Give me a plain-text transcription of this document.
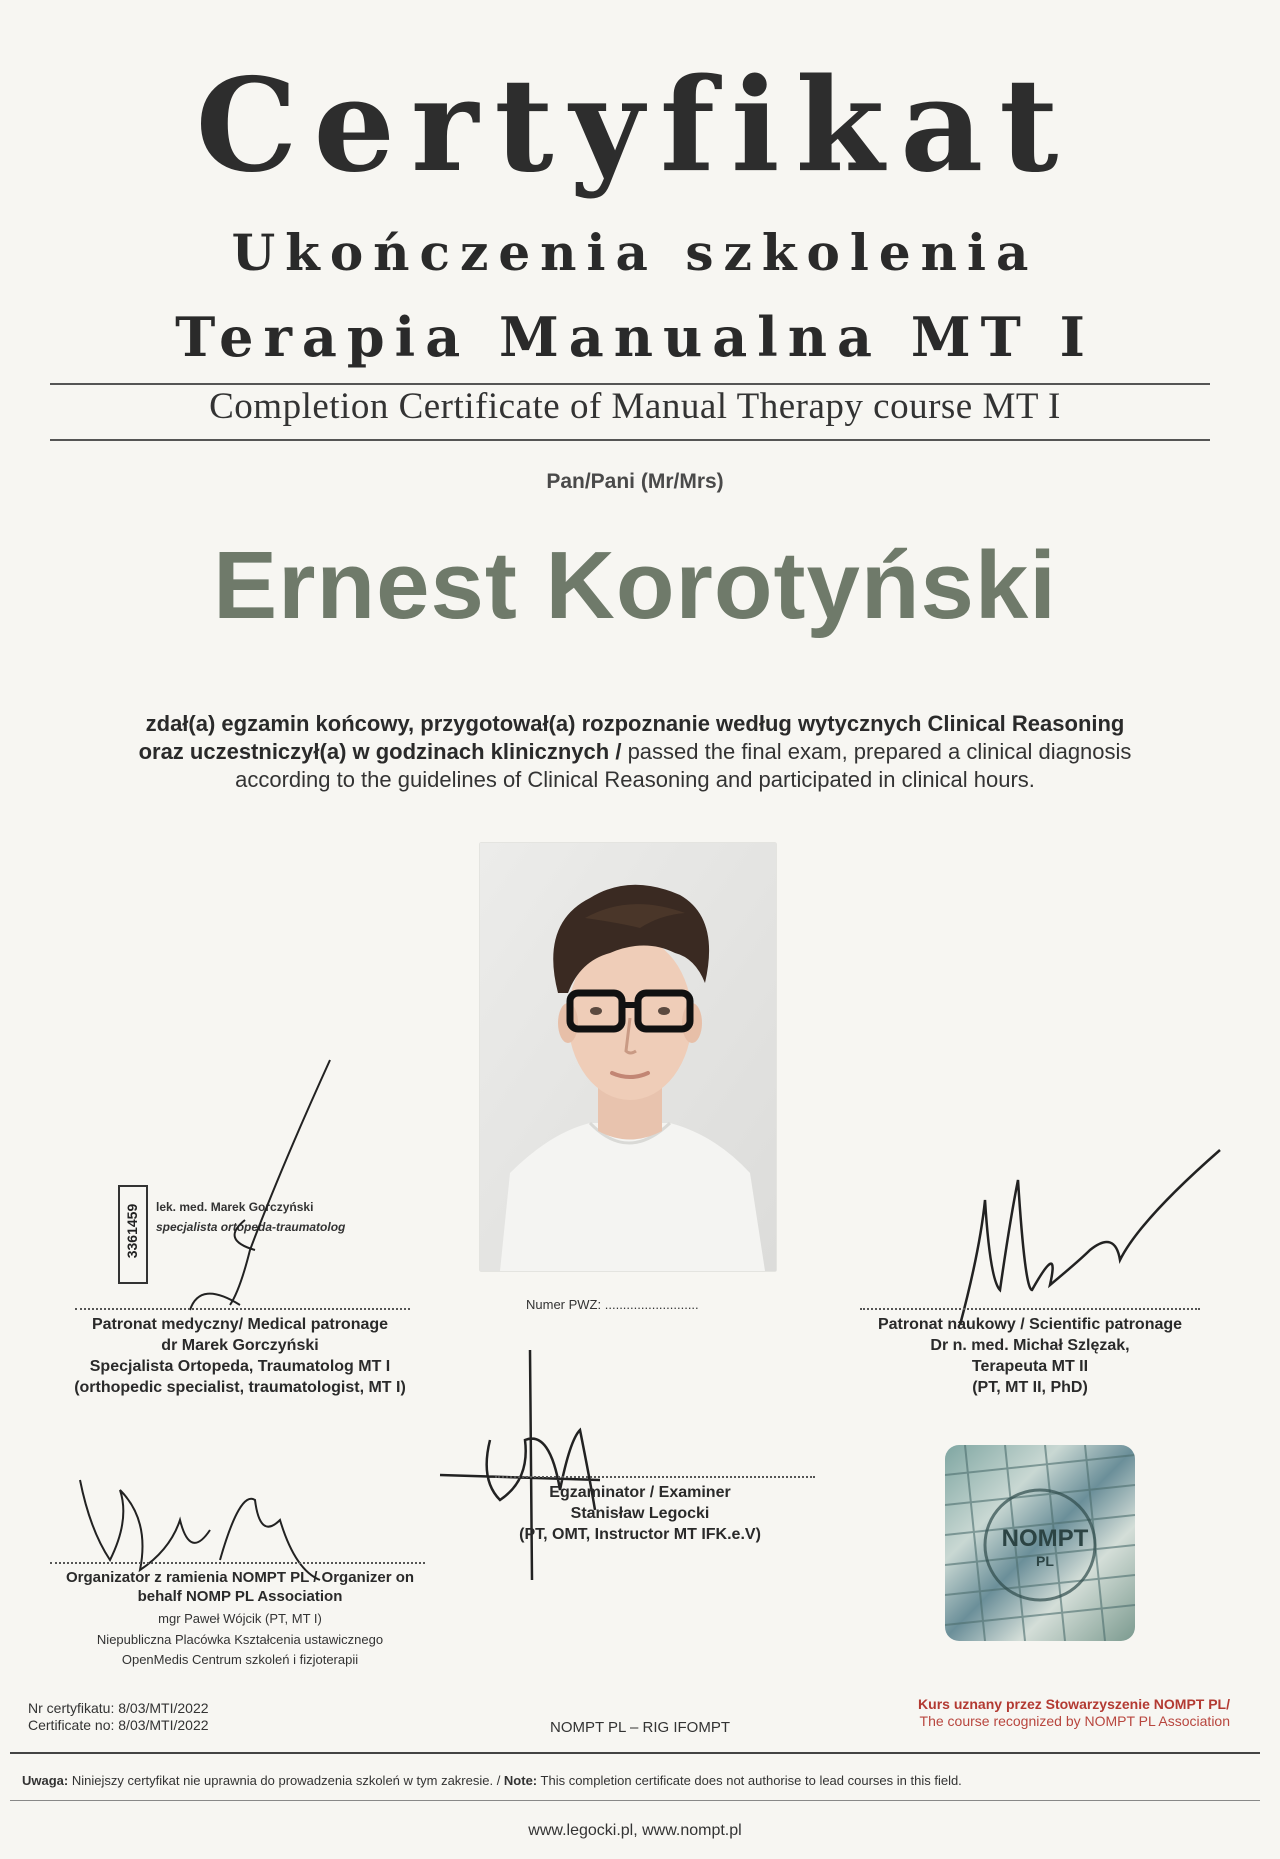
Certyfikat
Ukończenia szkolenia
Terapia Manualna MT I
Completion Certificate of Manual Therapy course MT I
Pan/Pani (Mr/Mrs)
Ernest Korotyński
zdał(a) egzamin końcowy, przygotował(a) rozpoznanie według wytycznych Clinical Reasoning
oraz uczestniczył(a) w godzinach klinicznych / passed the final exam, prepared a clinical diagnosis
according to the guidelines of Clinical Reasoning and participated in clinical hours.
3361459 lek. med. Marek Gorczyński
specjalista ortopeda-traumatolog
Numer PWZ: ..........................
Patronat medyczny/ Medical patronage
dr Marek Gorczyński
Specjalista Ortopeda, Traumatolog MT I
(orthopedic specialist, traumatologist, MT I)
Patronat naukowy / Scientific patronage
Dr n. med. Michał Szlęzak,
Terapeuta MT II
(PT, MT II, PhD)
Egzaminator / Examiner
Stanisław Legocki
(PT, OMT, Instructor MT IFK.e.V)
Organizator z ramienia NOMPT PL / Organizer on
behalf NOMP PL Association
mgr Paweł Wójcik (PT, MT I)
Niepubliczna Placówka Kształcenia ustawicznego
OpenMedis Centrum szkoleń i fizjoterapii
NOMPT
PL
Nr certyfikatu: 8/03/MTI/2022
Certificate no: 8/03/MTI/2022	NOMPT PL – RIG IFOMPT
Kurs uznany przez Stowarzyszenie NOMPT PL/
The course recognized by NOMPT PL Association
Uwaga: Niniejszy certyfikat nie uprawnia do prowadzenia szkoleń w tym zakresie. / Note: This completion certificate does not authorise to lead courses in this field.
www.legocki.pl, www.nompt.pl
